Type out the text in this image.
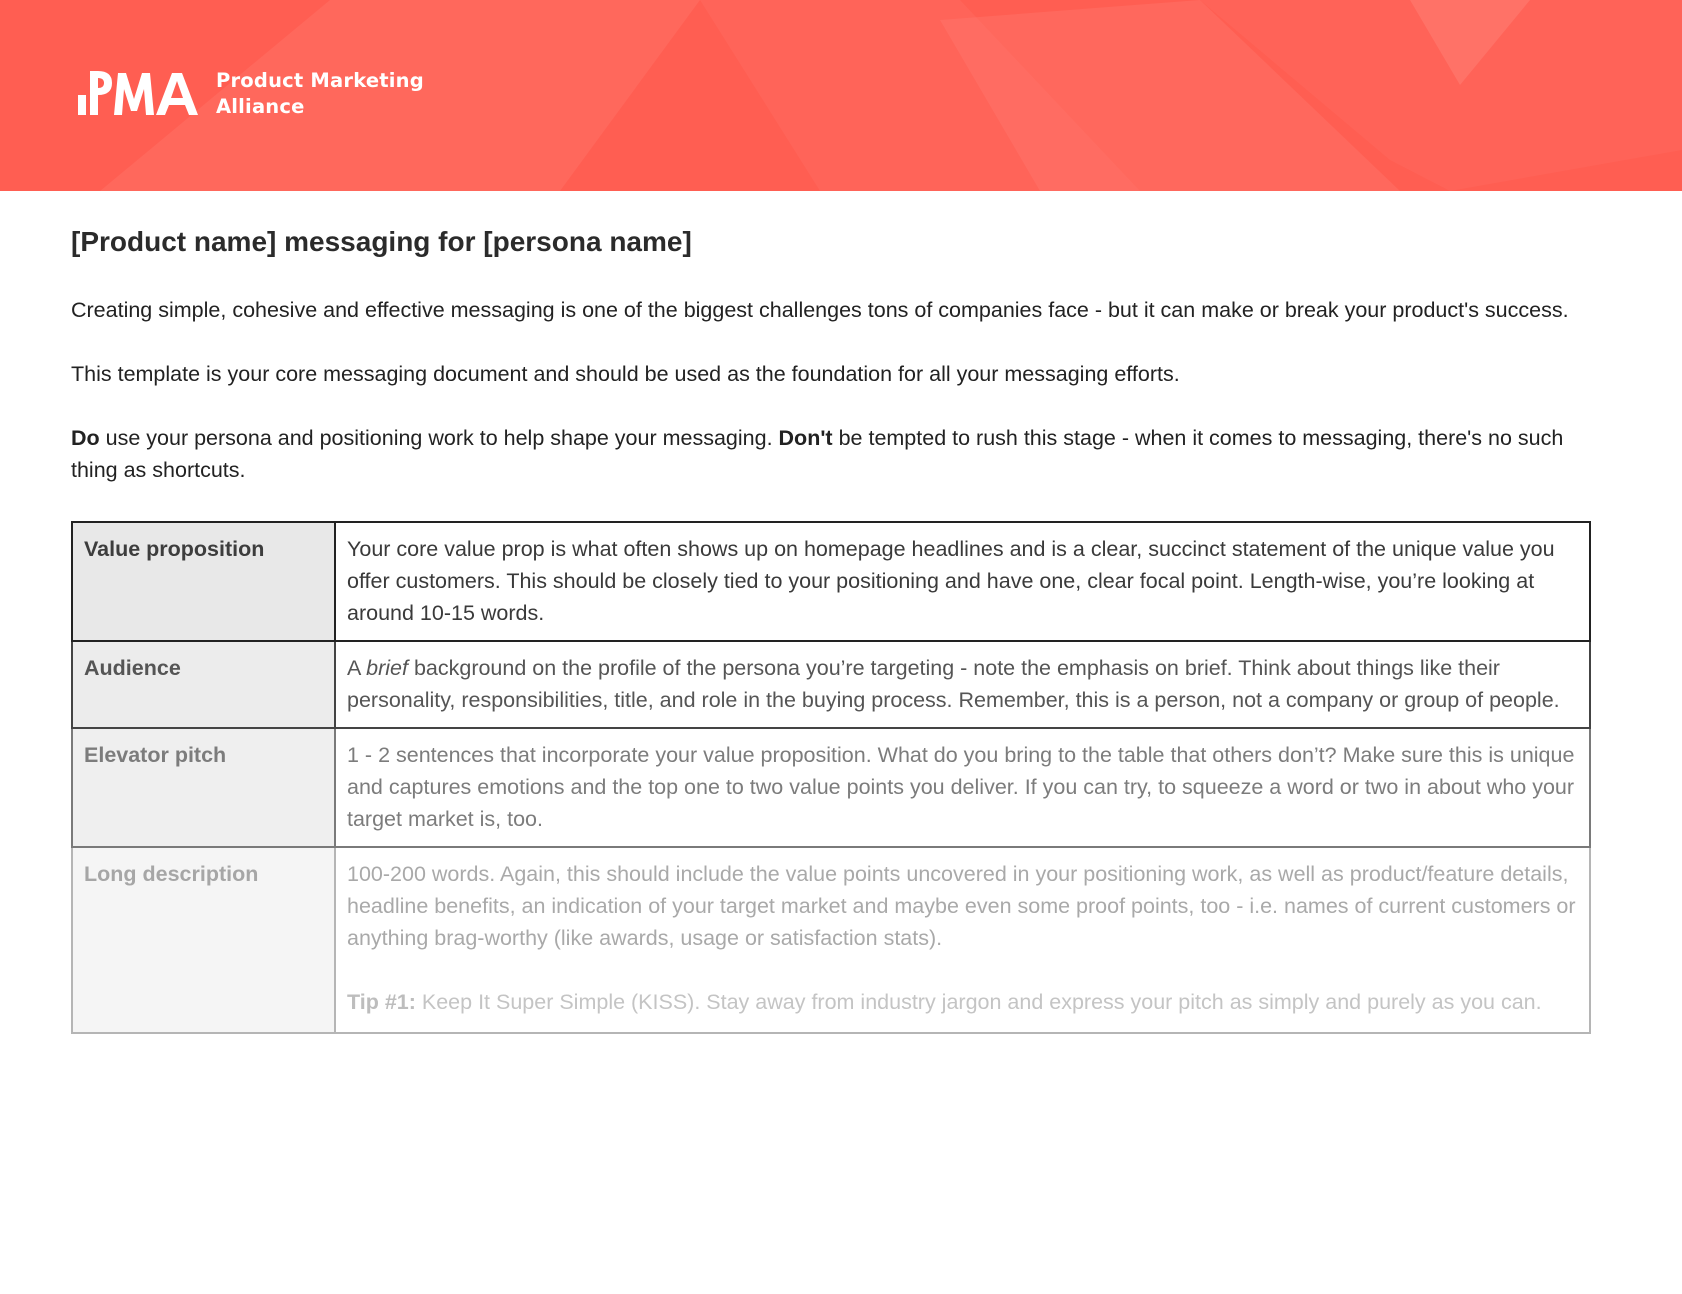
Product Marketing
Alliance
[Product name] messaging for [persona name]

Creating simple, cohesive and effective messaging is one of the biggest challenges tons of companies face - but it can make or break your product's success.

This template is your core messaging document and should be used as the foundation for all your messaging efforts.

Do use your persona and positioning work to help shape your messaging. Don't be tempted to rush this stage - when it comes to messaging, there's no such thing as shortcuts.

Value proposition	Your core value prop is what often shows up on homepage headlines and is a clear, succinct statement of the unique value you offer customers. This should be closely tied to your positioning and have one, clear focal point. Length-wise, you’re looking at around 10-15 words.
Audience	A brief background on the profile of the persona you’re targeting - note the emphasis on brief. Think about things like their personality, responsibilities, title, and role in the buying process. Remember, this is a person, not a company or group of people.
Elevator pitch	1 - 2 sentences that incorporate your value proposition. What do you bring to the table that others don’t? Make sure this is unique and captures emotions and the top one to two value points you deliver. If you can try, to squeeze a word or two in about who your target market is, too.
Long description	100-200 words. Again, this should include the value points uncovered in your positioning work, as well as product/feature details, headline benefits, an indication of your target market and maybe even some proof points, too - i.e. names of current customers or anything brag-worthy (like awards, usage or satisfaction stats).
Tip #1: Keep It Super Simple (KISS). Stay away from industry jargon and express your pitch as simply and purely as you can.
